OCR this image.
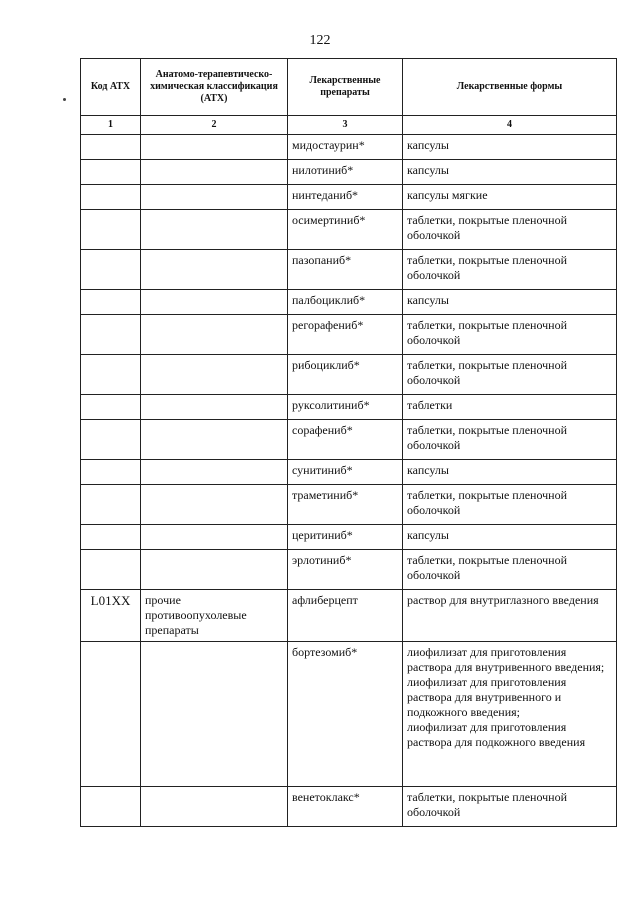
122
Код АТХ	Анатомо-терапевтическо-химическая классификация (АТХ)	Лекарственные препараты	Лекарственные формы
1	2	3	4
		мидостаурин*	капсулы

		нилотиниб*	капсулы

		нинтеданиб*	капсулы мягкие

		осимертиниб*	таблетки, покрытые пленочной оболочкой

		пазопаниб*	таблетки, покрытые пленочной оболочкой

		палбоциклиб*	капсулы

		регорафениб*	таблетки, покрытые пленочной оболочкой

		рибоциклиб*	таблетки, покрытые пленочной оболочкой

		руксолитиниб*	таблетки

		сорафениб*	таблетки, покрытые пленочной оболочкой

		сунитиниб*	капсулы

		траметиниб*	таблетки, покрытые пленочной оболочкой

		церитиниб*	капсулы

		эрлотиниб*	таблетки, покрытые пленочной оболочкой

L01XX	прочие противоопухолевые препараты	афлиберцепт	раствор для внутриглазного введения

		бортезомиб*	лиофилизат для приготовления раствора для внутривенного введения;
лиофилизат для приготовления раствора для внутривенного и подкожного введения;
лиофилизат для приготовления раствора для подкожного введения

		венетоклакс*	таблетки, покрытые пленочной оболочкой
